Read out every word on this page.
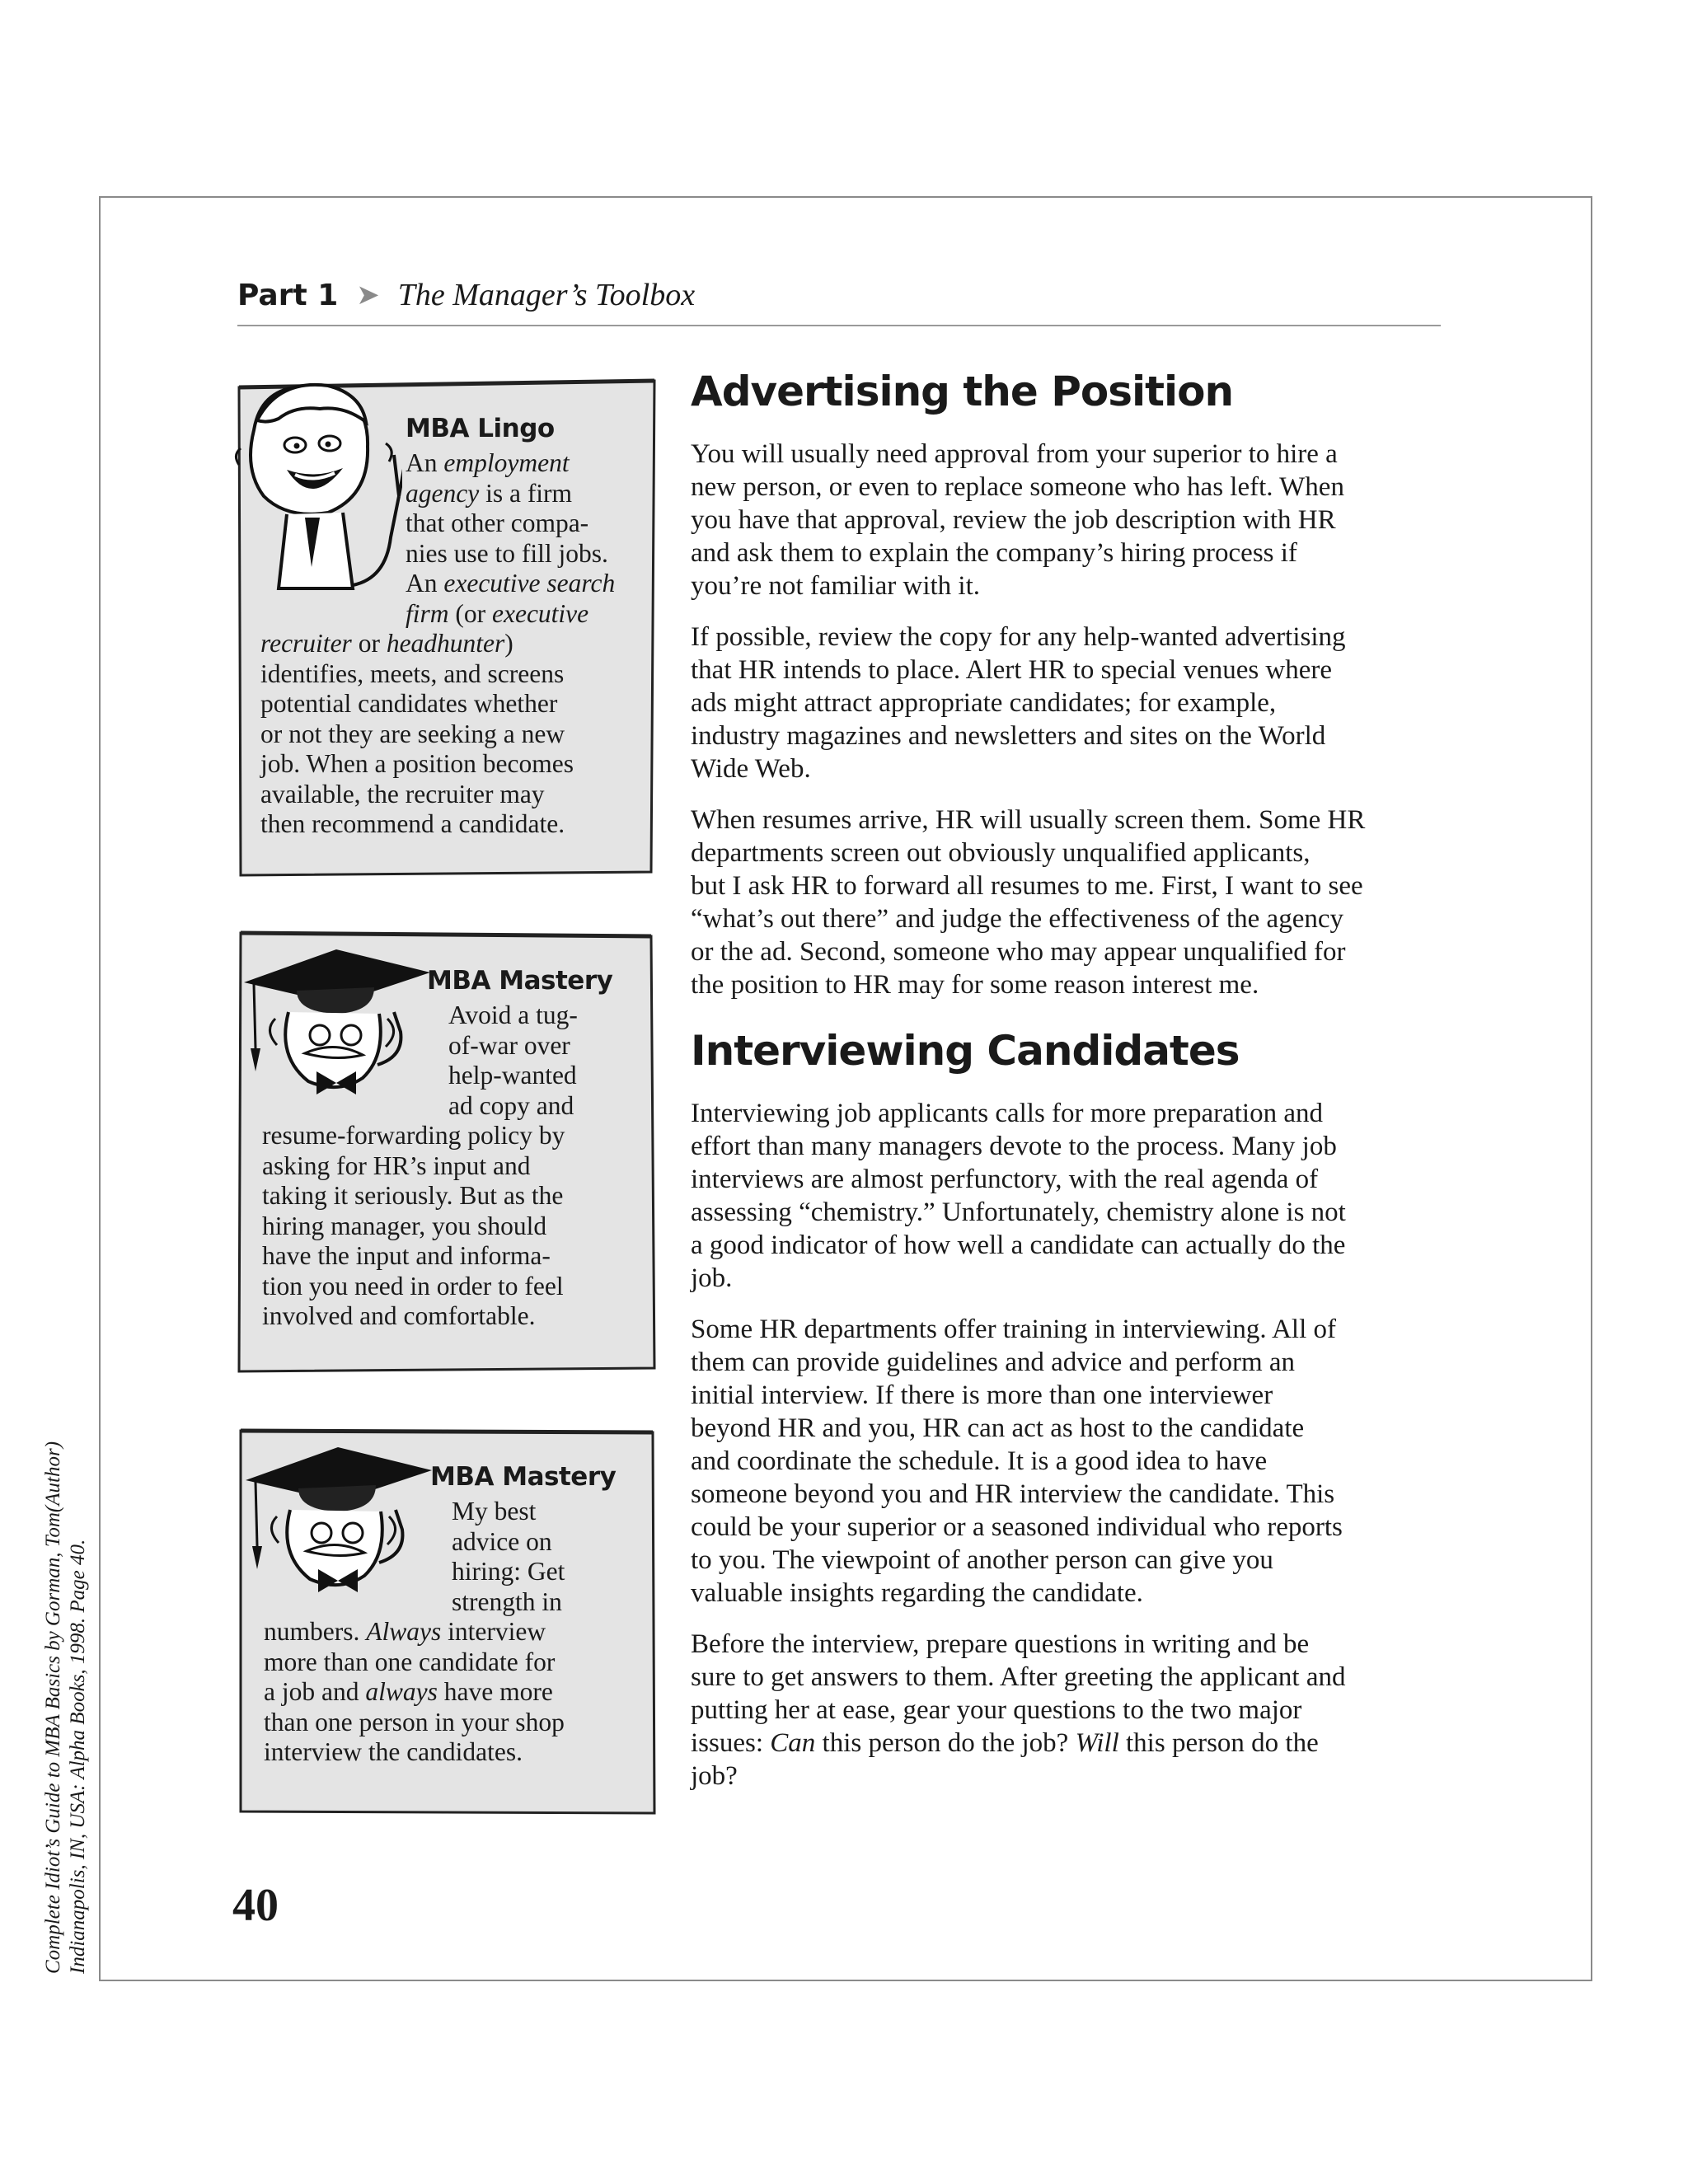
Part 1 ➤ The Manager’s Toolbox
MBA Lingo
An employment
agency is a firm
that other compa-
nies use to fill jobs.
An executive search
firm (or executive
recruiter or headhunter)
identifies, meets, and screens
potential candidates whether
or not they are seeking a new
job. When a position becomes
available, the recruiter may
then recommend a candidate.
MBA Mastery
Avoid a tug-
of-war over
help-wanted
ad copy and
resume-forwarding policy by
asking for HR’s input and
taking it seriously. But as the
hiring manager, you should
have the input and informa-
tion you need in order to feel
involved and comfortable.
MBA Mastery
My best
advice on
hiring: Get
strength in
numbers. Always interview
more than one candidate for
a job and always have more
than one person in your shop
interview the candidates.
Advertising the Position
You will usually need approval from your superior to hire a
new person, or even to replace someone who has left. When
you have that approval, review the job description with HR
and ask them to explain the company’s hiring process if
you’re not familiar with it.
If possible, review the copy for any help-wanted advertising
that HR intends to place. Alert HR to special venues where
ads might attract appropriate candidates; for example,
industry magazines and newsletters and sites on the World
Wide Web.
When resumes arrive, HR will usually screen them. Some HR
departments screen out obviously unqualified applicants,
but I ask HR to forward all resumes to me. First, I want to see
“what’s out there” and judge the effectiveness of the agency
or the ad. Second, someone who may appear unqualified for
the position to HR may for some reason interest me.
Interviewing Candidates
Interviewing job applicants calls for more preparation and
effort than many managers devote to the process. Many job
interviews are almost perfunctory, with the real agenda of
assessing “chemistry.” Unfortunately, chemistry alone is not
a good indicator of how well a candidate can actually do the
job.
Some HR departments offer training in interviewing. All of
them can provide guidelines and advice and perform an
initial interview. If there is more than one interviewer
beyond HR and you, HR can act as host to the candidate
and coordinate the schedule. It is a good idea to have
someone beyond you and HR interview the candidate. This
could be your superior or a seasoned individual who reports
to you. The viewpoint of another person can give you
valuable insights regarding the candidate.
Before the interview, prepare questions in writing and be
sure to get answers to them. After greeting the applicant and
putting her at ease, gear your questions to the two major
issues: Can this person do the job? Will this person do the
job?
40
Complete Idiot’s Guide to MBA Basics by Gorman, Tom(Author) Indianapolis, IN, USA: Alpha Books, 1998. Page 40.
